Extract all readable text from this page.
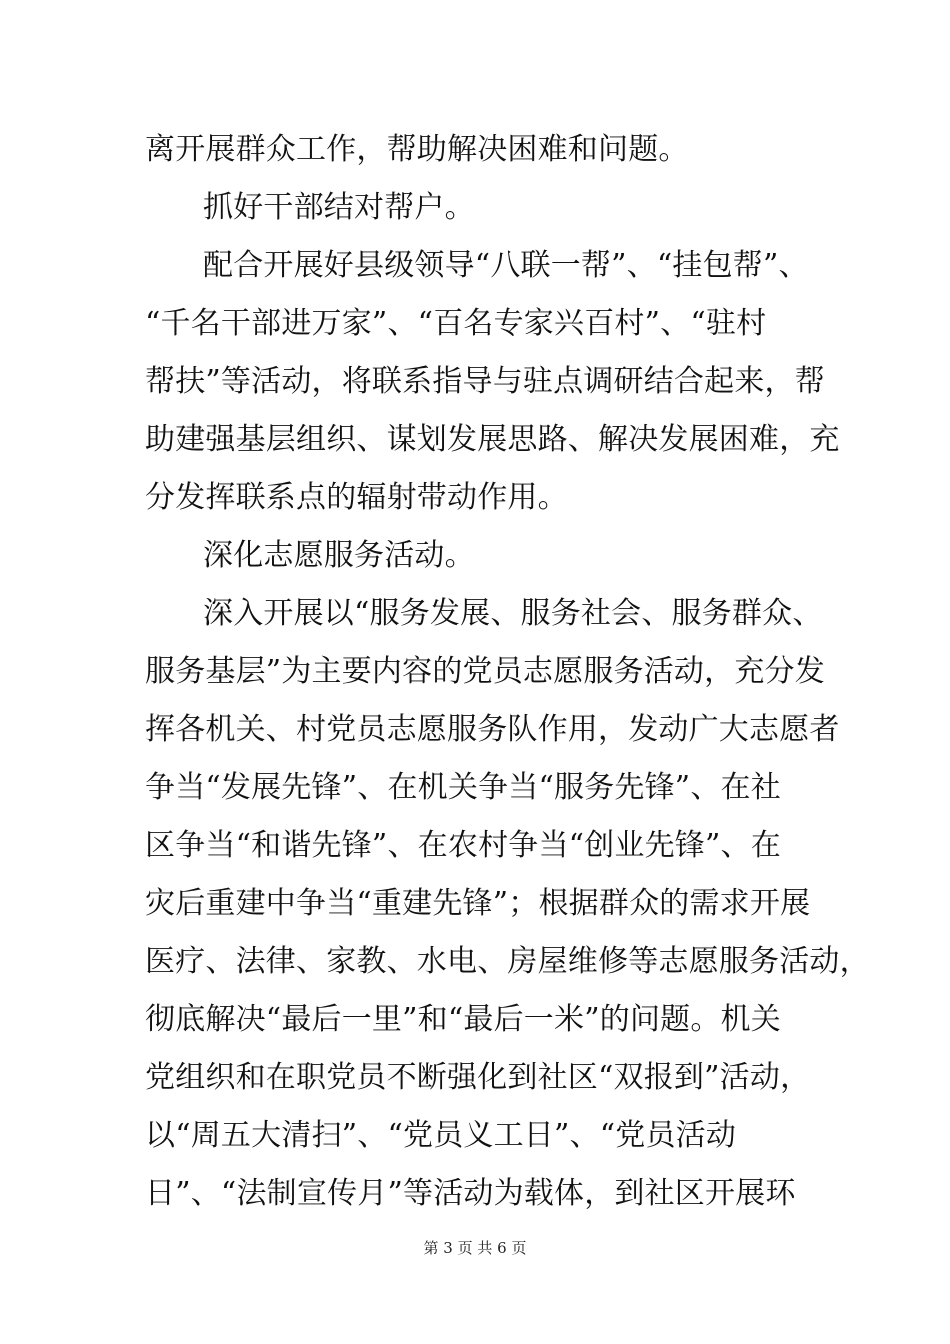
离开展群众工作，帮助解决困难和问题。
抓好干部结对帮户。
配合开展好县级领导“八联一帮”、“挂包帮”、
“千名干部进万家”、“百名专家兴百村”、“驻村
帮扶”等活动，将联系指导与驻点调研结合起来，帮
助建强基层组织、谋划发展思路、解决发展困难，充
分发挥联系点的辐射带动作用。
深化志愿服务活动。
深入开展以“服务发展、服务社会、服务群众、
服务基层”为主要内容的党员志愿服务活动，充分发
挥各机关、村党员志愿服务队作用，发动广大志愿者
争当“发展先锋”、在机关争当“服务先锋”、在社
区争当“和谐先锋”、在农村争当“创业先锋”、在
灾后重建中争当“重建先锋”；根据群众的需求开展
医疗、法律、家教、水电、房屋维修等志愿服务活动，
彻底解决“最后一里”和“最后一米”的问题。机关
党组织和在职党员不断强化到社区“双报到”活动，
以“周五大清扫”、“党员义工日”、“党员活动
日”、“法制宣传月”等活动为载体，到社区开展环
第 3 页 共 6 页
